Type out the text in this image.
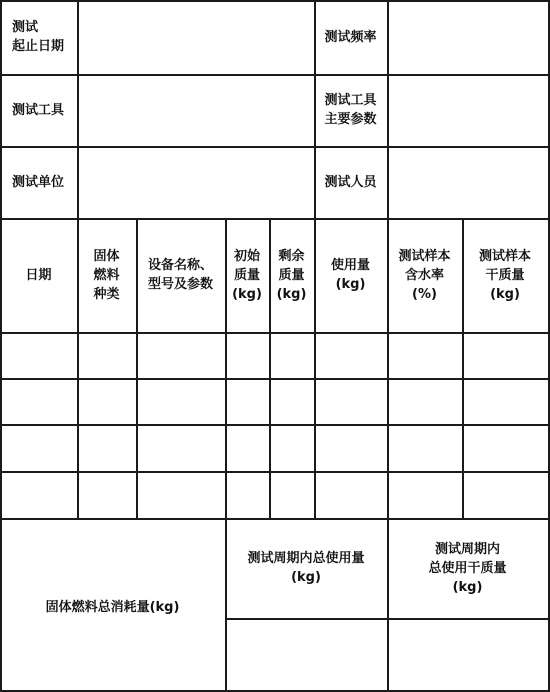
测试
起止日期
测试频率
测试工具
测试工具
主要参数
测试单位	测试人员
日期
固体
燃料
种类
设备名称、
型号及参数
初始
质量
(kg)
剩余
质量
(kg)
使用量
(kg)
测试样本
含水率
(%)
测试样本
干质量
(kg)
固体燃料总消耗量(kg)
测试周期内总使用量
(kg)
测试周期内
总使用干质量
(kg)
